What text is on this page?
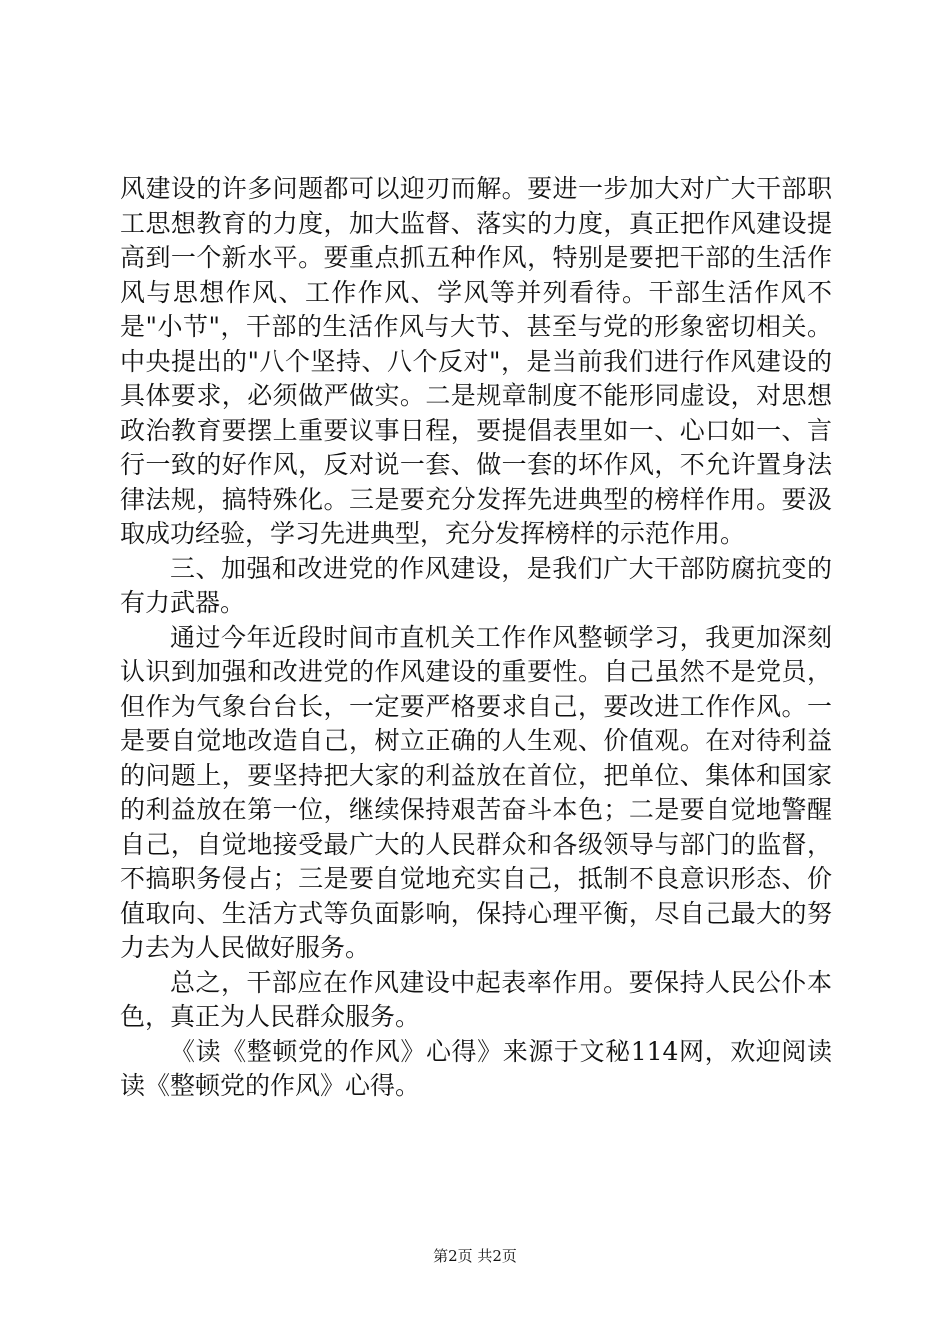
风建设的许多问题都可以迎刃而解。要进一步加大对广大干部职工思想教育的力度，加大监督、落实的力度，真正把作风建设提高到一个新水平。要重点抓五种作风，特别是要把干部的生活作风与思想作风、工作作风、学风等并列看待。干部生活作风不是"小节"，干部的生活作风与大节、甚至与党的形象密切相关。中央提出的"八个坚持、八个反对"，是当前我们进行作风建设的具体要求，必须做严做实。二是规章制度不能形同虚设，对思想政治教育要摆上重要议事日程，要提倡表里如一、心口如一、言行一致的好作风，反对说一套、做一套的坏作风，不允许置身法律法规，搞特殊化。三是要充分发挥先进典型的榜样作用。要汲取成功经验，学习先进典型，充分发挥榜样的示范作用。

三、加强和改进党的作风建设，是我们广大干部防腐抗变的有力武器。

通过今年近段时间市直机关工作作风整顿学习，我更加深刻认识到加强和改进党的作风建设的重要性。自己虽然不是党员，但作为气象台台长，一定要严格要求自己，要改进工作作风。一是要自觉地改造自己，树立正确的人生观、价值观。在对待利益的问题上，要坚持把大家的利益放在首位，把单位、集体和国家的利益放在第一位，继续保持艰苦奋斗本色；二是要自觉地警醒自己，自觉地接受最广大的人民群众和各级领导与部门的监督，不搞职务侵占；三是要自觉地充实自己，抵制不良意识形态、价值取向、生活方式等负面影响，保持心理平衡，尽自己最大的努力去为人民做好服务。

总之，干部应在作风建设中起表率作用。要保持人民公仆本色，真正为人民群众服务。

《读《整顿党的作风》心得》来源于文秘114网，欢迎阅读读《整顿党的作风》心得。

第2页 共2页
